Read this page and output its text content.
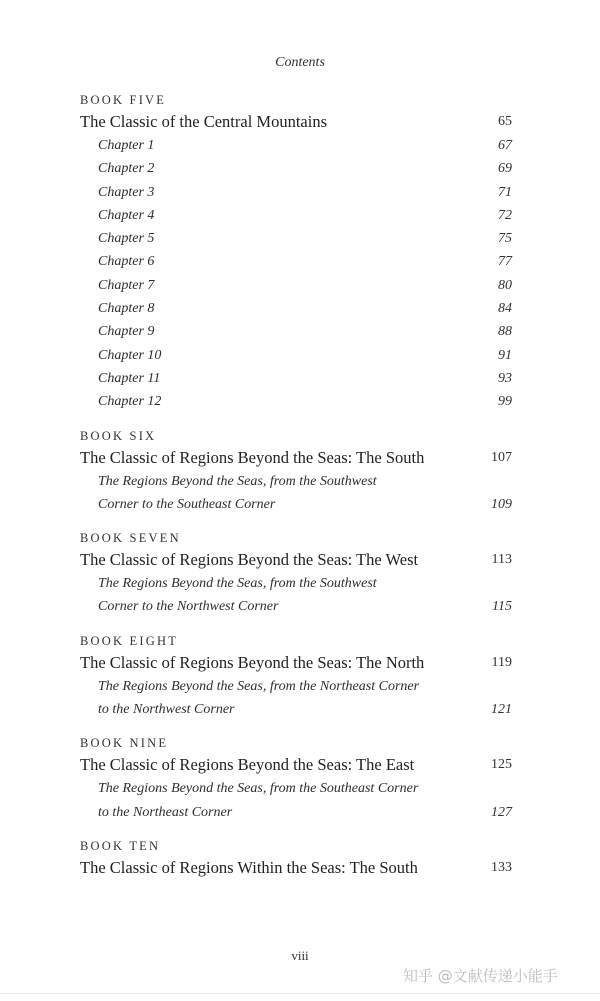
Contents
BOOK FIVE
The Classic of the Central Mountains	65
Chapter 1	67
Chapter 2	69
Chapter 3	71
Chapter 4	72
Chapter 5	75
Chapter 6	77
Chapter 7	80
Chapter 8	84
Chapter 9	88
Chapter 10	91
Chapter 11	93
Chapter 12	99
BOOK SIX
The Classic of Regions Beyond the Seas: The South	107
The Regions Beyond the Seas, from the Southwest
Corner to the Southeast Corner	109
BOOK SEVEN
The Classic of Regions Beyond the Seas: The West	113
The Regions Beyond the Seas, from the Southwest
Corner to the Northwest Corner	115
BOOK EIGHT
The Classic of Regions Beyond the Seas: The North	119
The Regions Beyond the Seas, from the Northeast Corner
to the Northwest Corner	121
BOOK NINE
The Classic of Regions Beyond the Seas: The East	125
The Regions Beyond the Seas, from the Southeast Corner
to the Northeast Corner	127
BOOK TEN
The Classic of Regions Within the Seas: The South	133
viii
知乎 @文献传递小能手
